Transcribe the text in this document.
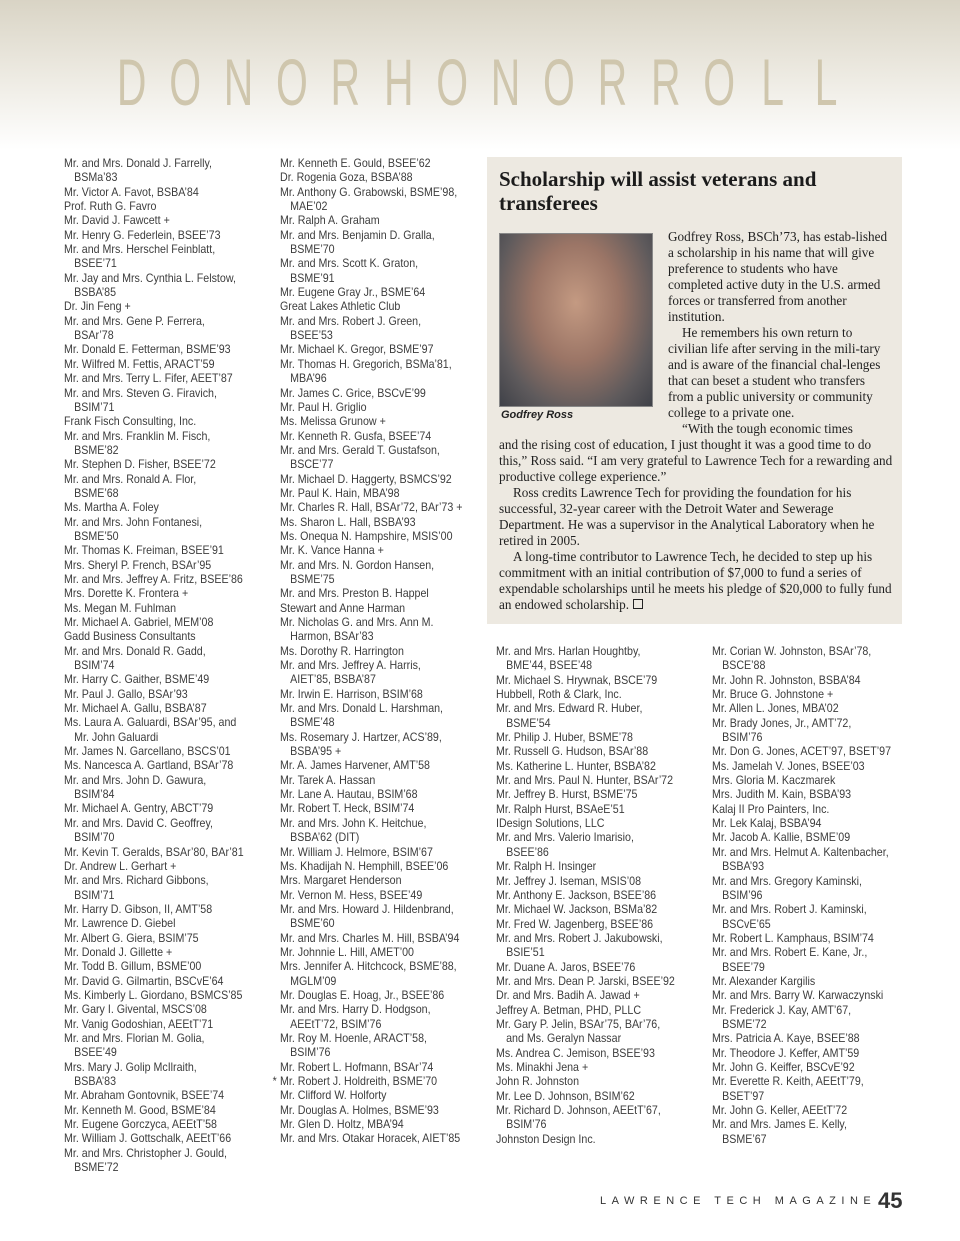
D O N O R H O N O R R O L L
Mr. and Mrs. Donald J. Farrelly,
BSMa’83
Mr. Victor A. Favot, BSBA’84
Prof. Ruth G. Favro
Mr. David J. Fawcett +
Mr. Henry G. Federlein, BSEE’73
Mr. and Mrs. Herschel Feinblatt,
BSEE’71
Mr. Jay and Mrs. Cynthia L. Felstow,
BSBA’85
Dr. Jin Feng +
Mr. and Mrs. Gene P. Ferrera,
BSAr’78
Mr. Donald E. Fetterman, BSME’93
Mr. Wilfred M. Fettis, ARACT’59
Mr. and Mrs. Terry L. Fifer, AEET’87
Mr. and Mrs. Steven G. Firavich,
BSIM’71
Frank Fisch Consulting, Inc.
Mr. and Mrs. Franklin M. Fisch,
BSME’82
Mr. Stephen D. Fisher, BSEE’72
Mr. and Mrs. Ronald A. Flor,
BSME’68
Ms. Martha A. Foley
Mr. and Mrs. John Fontanesi,
BSME’50
Mr. Thomas K. Freiman, BSEE’91
Mrs. Sheryl P. French, BSAr’95
Mr. and Mrs. Jeffrey A. Fritz, BSEE’86
Mrs. Dorette K. Frontera +
Ms. Megan M. Fuhlman
Mr. Michael A. Gabriel, MEM’08
Gadd Business Consultants
Mr. and Mrs. Donald R. Gadd,
BSIM’74
Mr. Harry C. Gaither, BSME’49
Mr. Paul J. Gallo, BSAr’93
Mr. Michael A. Gallu, BSBA’87
Ms. Laura A. Galuardi, BSAr’95, and
Mr. John Galuardi
Mr. James N. Garcellano, BSCS’01
Ms. Nancesca A. Gartland, BSAr’78
Mr. and Mrs. John D. Gawura,
BSIM’84
Mr. Michael A. Gentry, ABCT’79
Mr. and Mrs. David C. Geoffrey,
BSIM’70
Mr. Kevin T. Geralds, BSAr’80, BAr’81
Dr. Andrew L. Gerhart +
Mr. and Mrs. Richard Gibbons,
BSIM’71
Mr. Harry D. Gibson, II, AMT’58
Mr. Lawrence D. Giebel
Mr. Albert G. Giera, BSIM’75
Mr. Donald J. Gillette +
Mr. Todd B. Gillum, BSME’00
Mr. David G. Gilmartin, BSCvE’64
Ms. Kimberly L. Giordano, BSMCS’85
Mr. Gary I. Givental, MSCS’08
Mr. Vanig Godoshian, AEEtT’71
Mr. and Mrs. Florian M. Golia,
BSEE’49
Mrs. Mary J. Golip McIlraith,
BSBA’83
Mr. Abraham Gontovnik, BSEE’74
Mr. Kenneth M. Good, BSME’84
Mr. Eugene Gorczyca, AEEtT’58
Mr. William J. Gottschalk, AEEtT’66
Mr. and Mrs. Christopher J. Gould,
BSME’72
Mr. Kenneth E. Gould, BSEE’62
Dr. Rogenia Goza, BSBA’88
Mr. Anthony G. Grabowski, BSME’98,
MAE’02
Mr. Ralph A. Graham
Mr. and Mrs. Benjamin D. Gralla,
BSME’70
Mr. and Mrs. Scott K. Graton,
BSME’91
Mr. Eugene Gray Jr., BSME’64
Great Lakes Athletic Club
Mr. and Mrs. Robert J. Green,
BSEE’53
Mr. Michael K. Gregor, BSME’97
Mr. Thomas H. Gregorich, BSMa’81,
MBA’96
Mr. James C. Grice, BSCvE’99
Mr. Paul H. Griglio
Ms. Melissa Grunow +
Mr. Kenneth R. Gusfa, BSEE’74
Mr. and Mrs. Gerald T. Gustafson,
BSCE’77
Mr. Michael D. Haggerty, BSMCS’92
Mr. Paul K. Hain, MBA’98
Mr. Charles R. Hall, BSAr’72, BAr’73 +
Ms. Sharon L. Hall, BSBA’93
Ms. Onequa N. Hampshire, MSIS’00
Mr. K. Vance Hanna +
Mr. and Mrs. N. Gordon Hansen,
BSME’75
Mr. and Mrs. Preston B. Happel
Stewart and Anne Harman
Mr. Nicholas G. and Mrs. Ann M.
Harmon, BSAr’83
Ms. Dorothy R. Harrington
Mr. and Mrs. Jeffrey A. Harris,
AIET’85, BSBA’87
Mr. Irwin E. Harrison, BSIM’68
Mr. and Mrs. Donald L. Harshman,
BSME’48
Ms. Rosemary J. Hartzer, ACS’89,
BSBA’95 +
Mr. A. James Harvener, AMT’58
Mr. Tarek A. Hassan
Mr. Lane A. Hautau, BSIM’68
Mr. Robert T. Heck, BSIM’74
Mr. and Mrs. John K. Heitchue,
BSBA’62 (DIT)
Mr. William J. Helmore, BSIM’67
Ms. Khadijah N. Hemphill, BSEE’06
Mrs. Margaret Henderson
Mr. Vernon M. Hess, BSEE’49
Mr. and Mrs. Howard J. Hildenbrand,
BSME’60
Mr. and Mrs. Charles M. Hill, BSBA’94
Mr. Johnnie L. Hill, AMET’00
Mrs. Jennifer A. Hitchcock, BSME’88,
MGLM’09
Mr. Douglas E. Hoag, Jr., BSEE’86
Mr. and Mrs. Harry D. Hodgson,
AEEtT’72, BSIM’76
Mr. Roy M. Hoenle, ARACT’58,
BSIM’76
Mr. Robert L. Hofmann, BSAr’74
* Mr. Robert J. Holdreith, BSME’70
Mr. Clifford W. Holforty
Mr. Douglas A. Holmes, BSME’93
Mr. Glen D. Holtz, MBA’94
Mr. and Mrs. Otakar Horacek, AIET’85
Scholarship will assist veterans and transferees
Godfrey Ross

Godfrey Ross, BSCh’73, has estab-lished a scholarship in his name that will give preference to students who have completed active duty in the U.S. armed forces or transferred from another institution.

He remembers his own return to civilian life after serving in the mili-tary and is aware of the financial chal-lenges that can beset a student who transfers from a public university or community college to a private one.

“With the tough economic times

and the rising cost of education, I just thought it was a good time to do this,” Ross said. “I am very grateful to Lawrence Tech for a rewarding and productive college experience.”

Ross credits Lawrence Tech for providing the foundation for his successful, 32-year career with the Detroit Water and Sewerage Department. He was a supervisor in the Analytical Laboratory when he retired in 2005.

A long-time contributor to Lawrence Tech, he decided to step up his commitment with an initial contribution of $7,000 to fund a series of expendable scholarships until he meets his pledge of $20,000 to fully fund an endowed scholarship.

Mr. and Mrs. Harlan Houghtby,
BME’44, BSEE’48
Mr. Michael S. Hrywnak, BSCE’79
Hubbell, Roth & Clark, Inc.
Mr. and Mrs. Edward R. Huber,
BSME’54
Mr. Philip J. Huber, BSME’78
Mr. Russell G. Hudson, BSAr’88
Ms. Katherine L. Hunter, BSBA’82
Mr. and Mrs. Paul N. Hunter, BSAr’72
Mr. Jeffrey B. Hurst, BSME’75
Mr. Ralph Hurst, BSAeE’51
IDesign Solutions, LLC
Mr. and Mrs. Valerio Imarisio,
BSEE’86
Mr. Ralph H. Insinger
Mr. Jeffrey J. Iseman, MSIS’08
Mr. Anthony E. Jackson, BSEE’86
Mr. Michael W. Jackson, BSMa’82
Mr. Fred W. Jagenberg, BSEE’86
Mr. and Mrs. Robert J. Jakubowski,
BSIE’51
Mr. Duane A. Jaros, BSEE’76
Mr. and Mrs. Dean P. Jarski, BSEE’92
Dr. and Mrs. Badih A. Jawad +
Jeffrey A. Betman, PHD, PLLC
Mr. Gary P. Jelin, BSAr’75, BAr’76,
and Ms. Geralyn Nassar
Ms. Andrea C. Jemison, BSEE’93
Ms. Minakhi Jena +
John R. Johnston
Mr. Lee D. Johnson, BSIM’62
Mr. Richard D. Johnson, AEEtT’67,
BSIM’76
Johnston Design Inc.
Mr. Corian W. Johnston, BSAr’78,
BSCE’88
Mr. John R. Johnston, BSBA’84
Mr. Bruce G. Johnstone +
Mr. Allen L. Jones, MBA’02
Mr. Brady Jones, Jr., AMT’72,
BSIM’76
Mr. Don G. Jones, ACET’97, BSET’97
Ms. Jamelah V. Jones, BSEE’03
Mrs. Gloria M. Kaczmarek
Mrs. Judith M. Kain, BSBA’93
Kalaj II Pro Painters, Inc.
Mr. Lek Kalaj, BSBA’94
Mr. Jacob A. Kallie, BSME’09
Mr. and Mrs. Helmut A. Kaltenbacher,
BSBA’93
Mr. and Mrs. Gregory Kaminski,
BSIM’96
Mr. and Mrs. Robert J. Kaminski,
BSCvE’65
Mr. Robert L. Kamphaus, BSIM’74
Mr. and Mrs. Robert E. Kane, Jr.,
BSEE’79
Mr. Alexander Kargilis
Mr. and Mrs. Barry W. Karwaczynski
Mr. Frederick J. Kay, AMT’67,
BSME’72
Mrs. Patricia A. Kaye, BSEE’88
Mr. Theodore J. Keffer, AMT’59
Mr. John G. Keiffer, BSCvE’92
Mr. Everette R. Keith, AEEtT’79,
BSET’97
Mr. John G. Keller, AEEtT’72
Mr. and Mrs. James E. Kelly,
BSME’67
LAWRENCE TECH MAGAZINE 45
